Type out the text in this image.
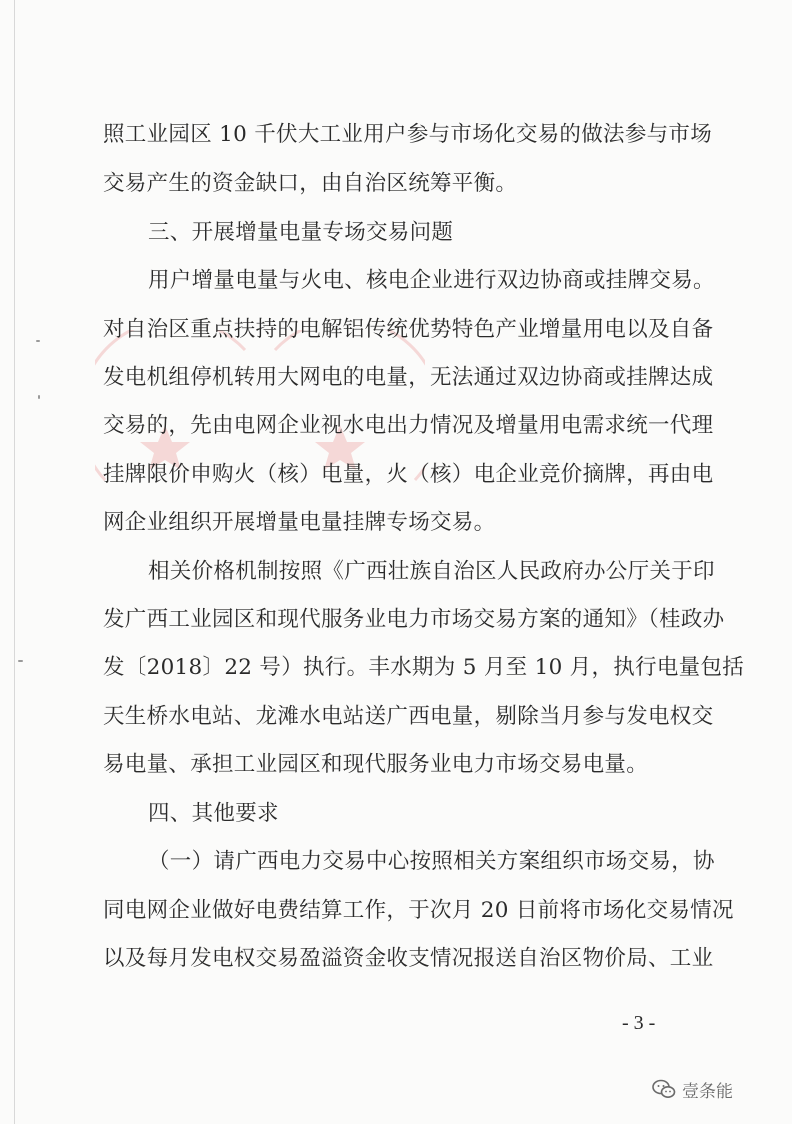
照工业园区 10 千伏大工业用户参与市场化交易的做法参与市场
交易产生的资金缺口，由自治区统筹平衡。
三、开展增量电量专场交易问题
用户增量电量与火电、核电企业进行双边协商或挂牌交易。
对自治区重点扶持的电解铝传统优势特色产业增量用电以及自备
发电机组停机转用大网电的电量，无法通过双边协商或挂牌达成
交易的，先由电网企业视水电出力情况及增量用电需求统一代理
挂牌限价申购火（核）电量，火（核）电企业竞价摘牌，再由电
网企业组织开展增量电量挂牌专场交易。
相关价格机制按照《广西壮族自治区人民政府办公厅关于印
发广西工业园区和现代服务业电力市场交易方案的通知》（桂政办
发〔2018〕22 号）执行。丰水期为 5 月至 10 月，执行电量包括
天生桥水电站、龙滩水电站送广西电量，剔除当月参与发电权交
易电量、承担工业园区和现代服务业电力市场交易电量。
四、其他要求
（一）请广西电力交易中心按照相关方案组织市场交易，协
同电网企业做好电费结算工作，于次月 20 日前将市场化交易情况
以及每月发电权交易盈溢资金收支情况报送自治区物价局、工业
- 3 -
壹条能
